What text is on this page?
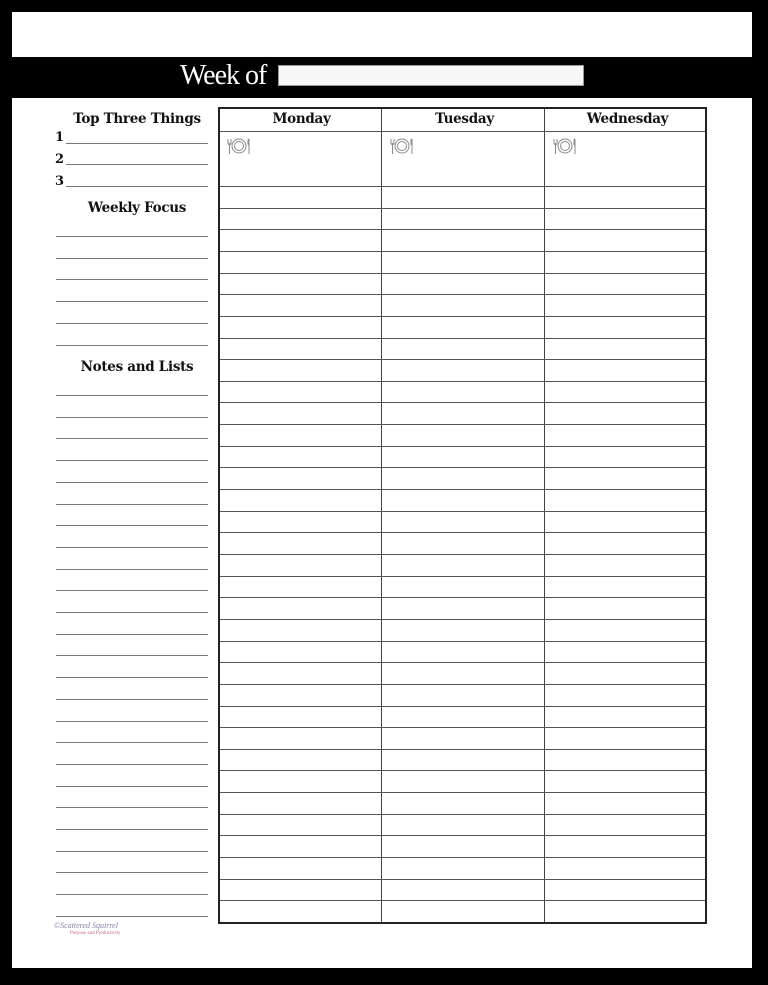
Week of
Top Three Things
1
2
3
Weekly Focus
Notes and Lists
Monday	Tuesday	Wednesday
©Scattered Squirrel
Purpose and Productivity
